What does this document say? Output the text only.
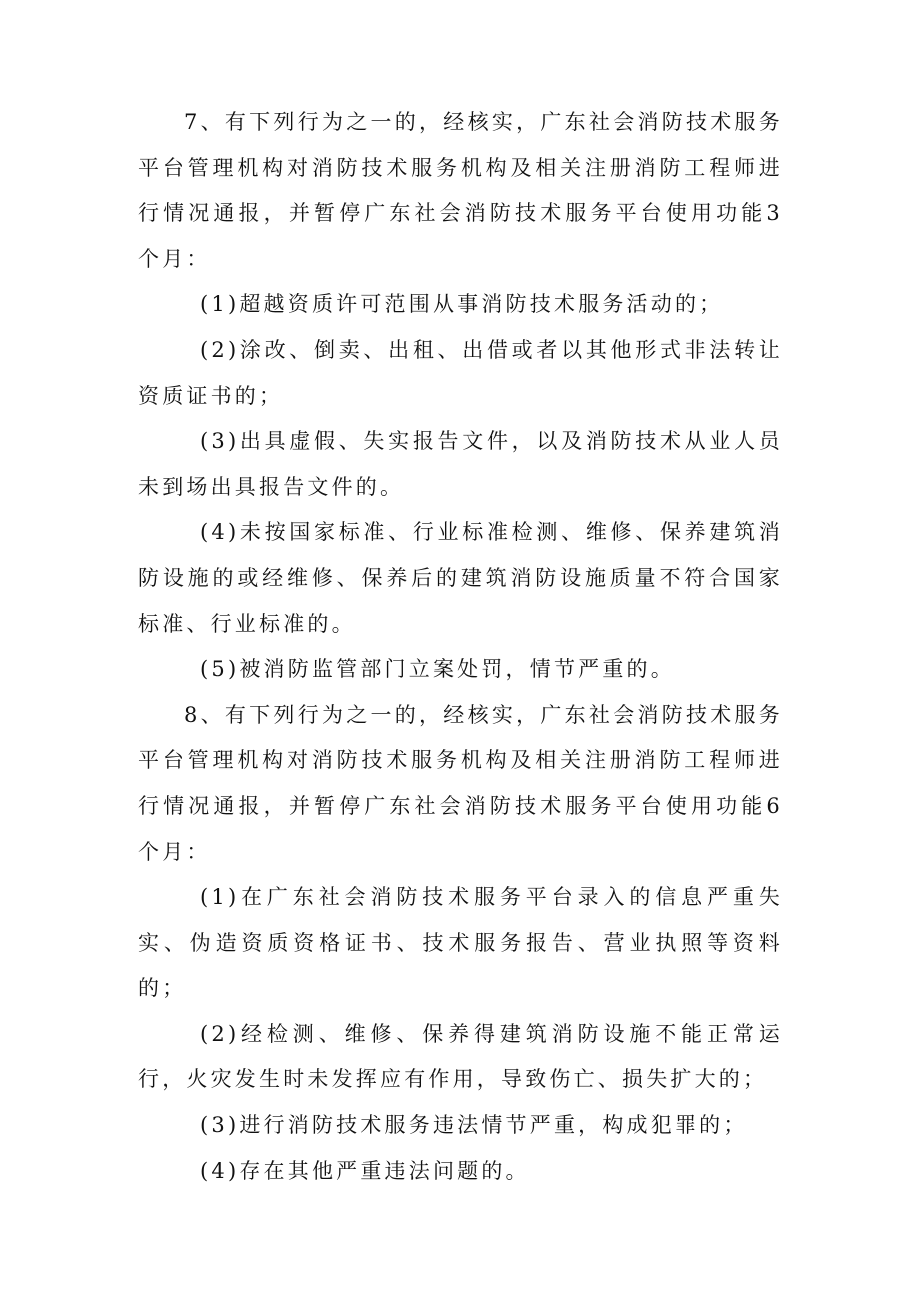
7、有下列行为之一的，经核实，广东社会消防技术服务平台管理机构对消防技术服务机构及相关注册消防工程师进行情况通报，并暂停广东社会消防技术服务平台使用功能3个月：

(1)超越资质许可范围从事消防技术服务活动的；

(2)涂改、倒卖、出租、出借或者以其他形式非法转让资质证书的；

(3)出具虚假、失实报告文件，以及消防技术从业人员未到场出具报告文件的。

(4)未按国家标准、行业标准检测、维修、保养建筑消防设施的或经维修、保养后的建筑消防设施质量不符合国家标准、行业标准的。

(5)被消防监管部门立案处罚，情节严重的。

8、有下列行为之一的，经核实，广东社会消防技术服务平台管理机构对消防技术服务机构及相关注册消防工程师进行情况通报，并暂停广东社会消防技术服务平台使用功能6个月：

(1)在广东社会消防技术服务平台录入的信息严重失实、伪造资质资格证书、技术服务报告、营业执照等资料的；

(2)经检测、维修、保养得建筑消防设施不能正常运行，火灾发生时未发挥应有作用，导致伤亡、损失扩大的；

(3)进行消防技术服务违法情节严重，构成犯罪的；

(4)存在其他严重违法问题的。
